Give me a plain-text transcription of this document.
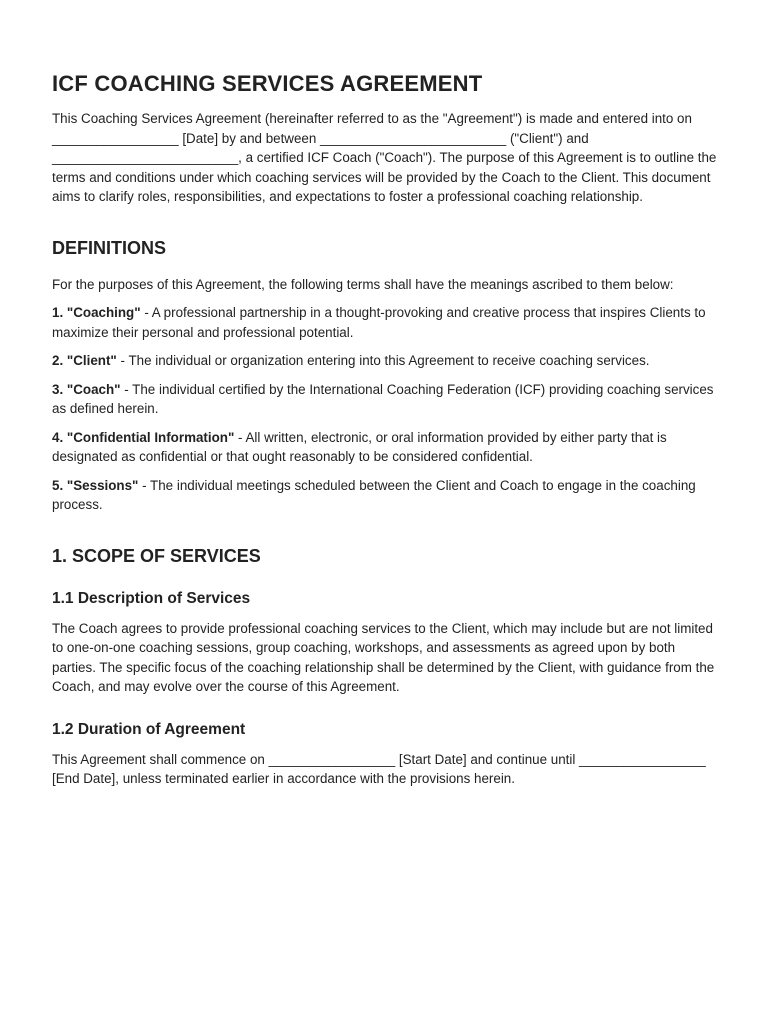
ICF COACHING SERVICES AGREEMENT

This Coaching Services Agreement (hereinafter referred to as the "Agreement") is made and entered into on _________________ [Date] by and between _________________________ ("Client") and _________________________, a certified ICF Coach ("Coach"). The purpose of this Agreement is to outline the terms and conditions under which coaching services will be provided by the Coach to the Client. This document aims to clarify roles, responsibilities, and expectations to foster a professional coaching relationship.

DEFINITIONS

For the purposes of this Agreement, the following terms shall have the meanings ascribed to them below:

1. "Coaching" - A professional partnership in a thought-provoking and creative process that inspires Clients to maximize their personal and professional potential.

2. "Client" - The individual or organization entering into this Agreement to receive coaching services.

3. "Coach" - The individual certified by the International Coaching Federation (ICF) providing coaching services as defined herein.

4. "Confidential Information" - All written, electronic, or oral information provided by either party that is designated as confidential or that ought reasonably to be considered confidential.

5. "Sessions" - The individual meetings scheduled between the Client and Coach to engage in the coaching process.

1. SCOPE OF SERVICES
1.1 Description of Services

The Coach agrees to provide professional coaching services to the Client, which may include but are not limited to one-on-one coaching sessions, group coaching, workshops, and assessments as agreed upon by both parties. The specific focus of the coaching relationship shall be determined by the Client, with guidance from the Coach, and may evolve over the course of this Agreement.

1.2 Duration of Agreement

This Agreement shall commence on _________________ [Start Date] and continue until _________________ [End Date], unless terminated earlier in accordance with the provisions herein.
